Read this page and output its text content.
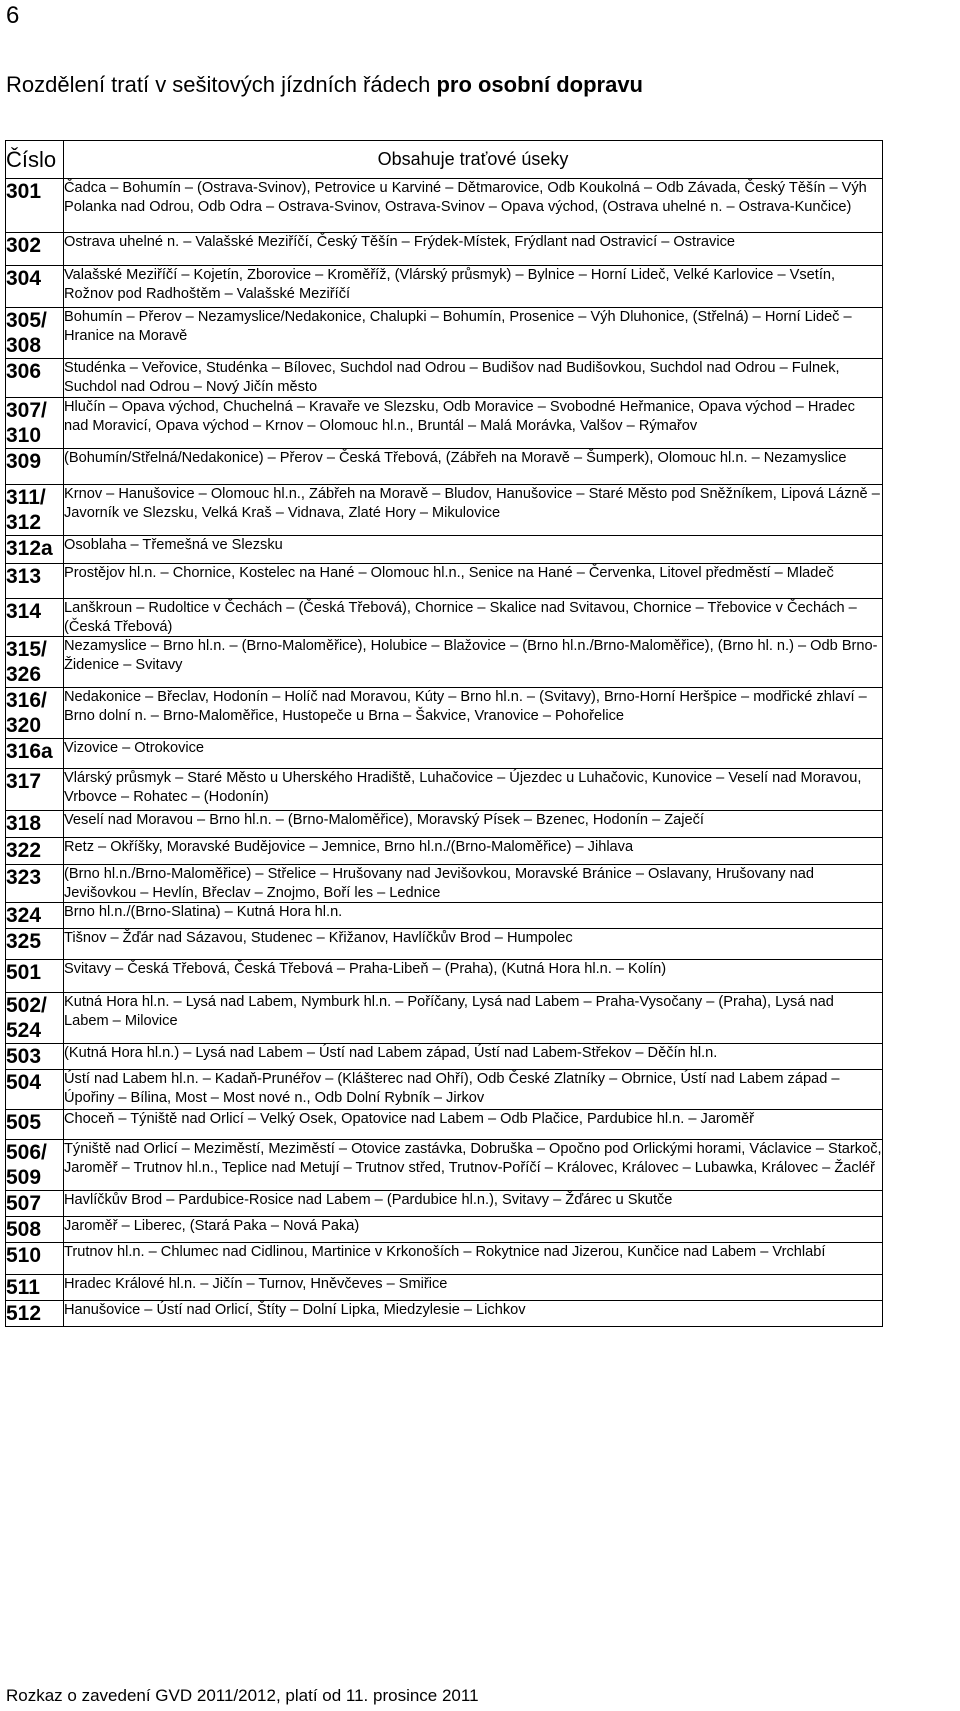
6
Rozdělení tratí v sešitových jízdních řádech pro osobní dopravu
Číslo	Obsahuje traťové úseky
301	Čadca – Bohumín – (Ostrava-Svinov), Petrovice u Karviné – Dětmarovice, Odb Koukolná – Odb Závada, Český Těšín – Výh Polanka nad Odrou, Odb Odra – Ostrava-Svinov, Ostrava-Svinov – Opava východ, (Ostrava uhelné n. – Ostrava-Kunčice)
302	Ostrava uhelné n. – Valašské Meziříčí, Český Těšín – Frýdek-Místek, Frýdlant nad Ostravicí – Ostravice
304	Valašské Meziříčí – Kojetín, Zborovice – Kroměříž, (Vlárský průsmyk) – Bylnice – Horní Lideč, Velké Karlovice – Vsetín, Rožnov pod Radhoštěm – Valašské Meziříčí
305/
308	Bohumín – Přerov – Nezamyslice/Nedakonice, Chalupki – Bohumín, Prosenice – Výh Dluhonice, (Střelná) – Horní Lideč – Hranice na Moravě
306	Studénka – Veřovice, Studénka – Bílovec, Suchdol nad Odrou – Budišov nad Budišovkou, Suchdol nad Odrou – Fulnek, Suchdol nad Odrou – Nový Jičín město
307/
310	Hlučín – Opava východ, Chuchelná – Kravaře ve Slezsku, Odb Moravice – Svobodné Heřmanice, Opava východ – Hradec nad Moravicí, Opava východ – Krnov – Olomouc hl.n., Bruntál – Malá Morávka, Valšov – Rýmařov
309	(Bohumín/Střelná/Nedakonice) – Přerov – Česká Třebová, (Zábřeh na Moravě – Šumperk), Olomouc hl.n. – Nezamyslice
311/
312	Krnov – Hanušovice – Olomouc hl.n., Zábřeh na Moravě – Bludov, Hanušovice – Staré Město pod Sněžníkem, Lipová Lázně – Javorník ve Slezsku, Velká Kraš – Vidnava, Zlaté Hory – Mikulovice
312a	Osoblaha – Třemešná ve Slezsku
313	Prostějov hl.n. – Chornice, Kostelec na Hané – Olomouc hl.n., Senice na Hané – Červenka, Litovel předměstí – Mladeč
314	Lanškroun – Rudoltice v Čechách – (Česká Třebová), Chornice – Skalice nad Svitavou, Chornice – Třebovice v Čechách – (Česká Třebová)
315/
326	Nezamyslice – Brno hl.n. – (Brno-Maloměřice), Holubice – Blažovice – (Brno hl.n./Brno-Maloměřice), (Brno hl. n.) – Odb Brno-Židenice – Svitavy
316/
320	Nedakonice – Břeclav, Hodonín – Holíč nad Moravou, Kúty – Brno hl.n. – (Svitavy), Brno-Horní Heršpice – modřické zhlaví – Brno dolní n. – Brno-Maloměřice, Hustopeče u Brna – Šakvice, Vranovice – Pohořelice
316a	Vizovice – Otrokovice
317	Vlárský průsmyk – Staré Město u Uherského Hradiště, Luhačovice – Újezdec u Luhačovic, Kunovice – Veselí nad Moravou, Vrbovce – Rohatec – (Hodonín)
318	Veselí nad Moravou – Brno hl.n. – (Brno-Maloměřice), Moravský Písek – Bzenec, Hodonín – Zaječí
322	Retz – Okříšky, Moravské Budějovice – Jemnice, Brno hl.n./(Brno-Maloměřice) – Jihlava
323	(Brno hl.n./Brno-Maloměřice) – Střelice – Hrušovany nad Jevišovkou, Moravské Bránice – Oslavany, Hrušovany nad Jevišovkou – Hevlín, Břeclav – Znojmo, Boří les – Lednice
324	Brno hl.n./(Brno-Slatina) – Kutná Hora hl.n.
325	Tišnov – Žďár nad Sázavou, Studenec – Křižanov, Havlíčkův Brod – Humpolec
501	Svitavy – Česká Třebová, Česká Třebová – Praha-Libeň – (Praha), (Kutná Hora hl.n. – Kolín)
502/
524	Kutná Hora hl.n. – Lysá nad Labem, Nymburk hl.n. – Poříčany, Lysá nad Labem – Praha-Vysočany – (Praha), Lysá nad Labem – Milovice
503	(Kutná Hora hl.n.) – Lysá nad Labem – Ústí nad Labem západ, Ústí nad Labem-Střekov – Děčín hl.n.
504	Ústí nad Labem hl.n. – Kadaň-Prunéřov – (Klášterec nad Ohří), Odb České Zlatníky – Obrnice, Ústí nad Labem západ – Úpořiny – Bílina, Most – Most nové n., Odb Dolní Rybník – Jirkov
505	Choceň – Týniště nad Orlicí – Velký Osek, Opatovice nad Labem – Odb Plačice, Pardubice hl.n. – Jaroměř
506/
509	Týniště nad Orlicí – Meziměstí, Meziměstí – Otovice zastávka, Dobruška – Opočno pod Orlickými horami, Václavice – Starkoč, Jaroměř – Trutnov hl.n., Teplice nad Metují – Trutnov střed, Trutnov-Poříčí – Královec, Královec – Lubawka, Královec – Žacléř
507	Havlíčkův Brod – Pardubice-Rosice nad Labem – (Pardubice hl.n.), Svitavy – Žďárec u Skutče
508	Jaroměř – Liberec, (Stará Paka – Nová Paka)
510	Trutnov hl.n. – Chlumec nad Cidlinou, Martinice v Krkonoších – Rokytnice nad Jizerou, Kunčice nad Labem – Vrchlabí
511	Hradec Králové hl.n. – Jičín – Turnov, Hněvčeves – Smiřice
512	Hanušovice – Ústí nad Orlicí, Štíty – Dolní Lipka, Miedzylesie – Lichkov
Rozkaz o zavedení GVD 2011/2012, platí od 11. prosince 2011
